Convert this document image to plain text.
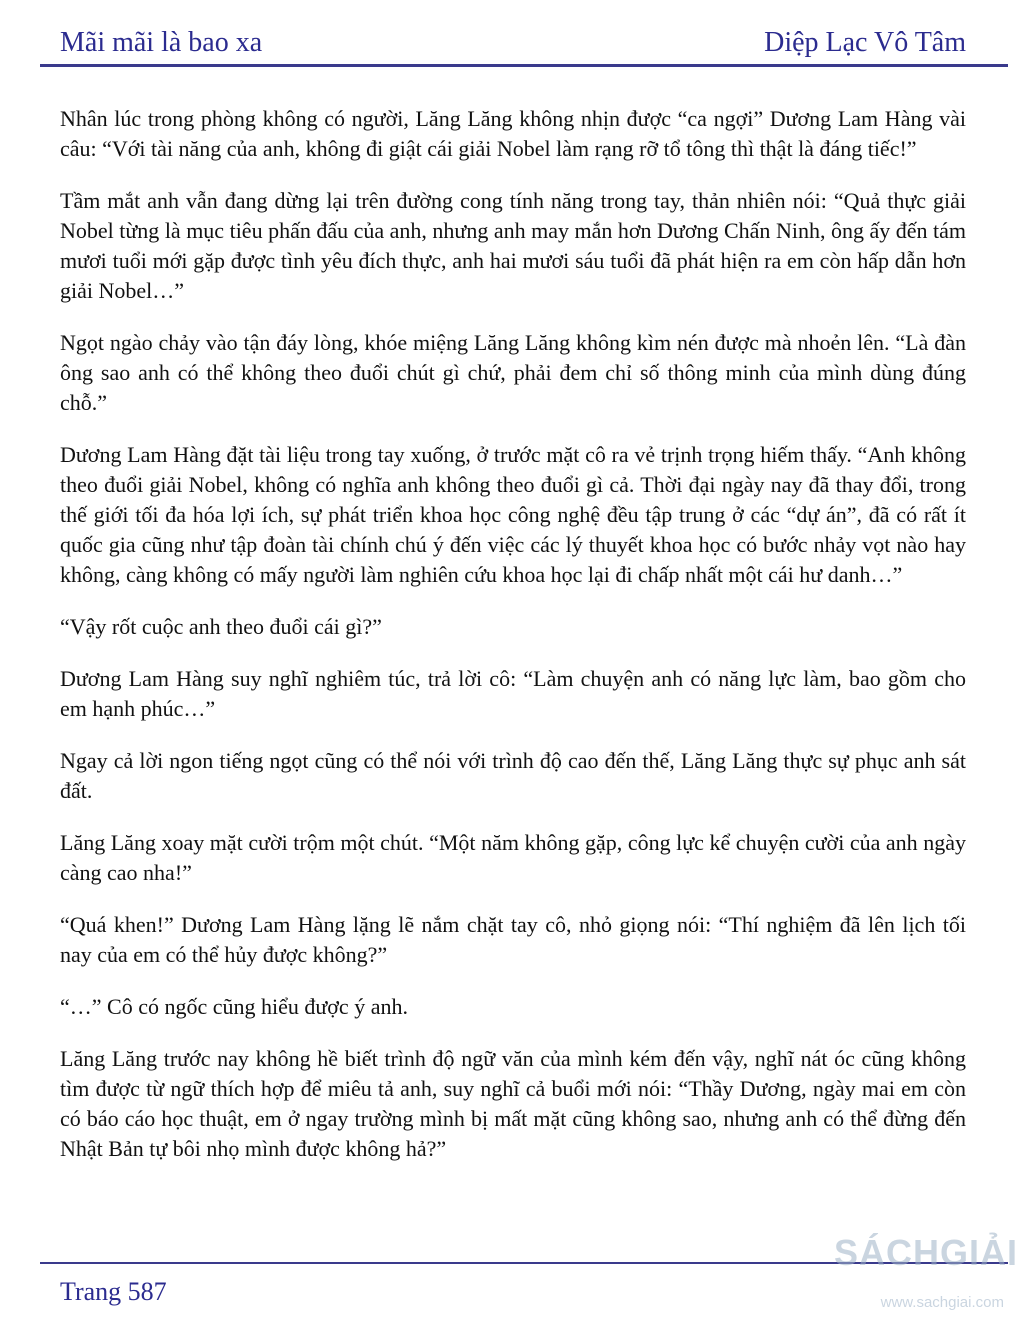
Mãi mãi là bao xa	Diệp Lạc Vô Tâm

Nhân lúc trong phòng không có người, Lăng Lăng không nhịn được “ca ngợi” Dương Lam Hàng vài câu: “Với tài năng của anh, không đi giật cái giải Nobel làm rạng rỡ tổ tông thì thật là đáng tiếc!”

Tầm mắt anh vẫn đang dừng lại trên đường cong tính năng trong tay, thản nhiên nói: “Quả thực giải Nobel từng là mục tiêu phấn đấu của anh, nhưng anh may mắn hơn Dương Chấn Ninh, ông ấy đến tám mươi tuổi mới gặp được tình yêu đích thực, anh hai mươi sáu tuổi đã phát hiện ra em còn hấp dẫn hơn giải Nobel…”

Ngọt ngào chảy vào tận đáy lòng, khóe miệng Lăng Lăng không kìm nén được mà nhoẻn lên. “Là đàn ông sao anh có thể không theo đuổi chút gì chứ, phải đem chỉ số thông minh của mình dùng đúng chỗ.”

Dương Lam Hàng đặt tài liệu trong tay xuống, ở trước mặt cô ra vẻ trịnh trọng hiếm thấy. “Anh không theo đuổi giải Nobel, không có nghĩa anh không theo đuổi gì cả. Thời đại ngày nay đã thay đổi, trong thế giới tối đa hóa lợi ích, sự phát triển khoa học công nghệ đều tập trung ở các “dự án”, đã có rất ít quốc gia cũng như tập đoàn tài chính chú ý đến việc các lý thuyết khoa học có bước nhảy vọt nào hay không, càng không có mấy người làm nghiên cứu khoa học lại đi chấp nhất một cái hư danh…”

“Vậy rốt cuộc anh theo đuổi cái gì?”

Dương Lam Hàng suy nghĩ nghiêm túc, trả lời cô: “Làm chuyện anh có năng lực làm, bao gồm cho em hạnh phúc…”

Ngay cả lời ngon tiếng ngọt cũng có thể nói với trình độ cao đến thế, Lăng Lăng thực sự phục anh sát đất.

Lăng Lăng xoay mặt cười trộm một chút. “Một năm không gặp, công lực kể chuyện cười của anh ngày càng cao nha!”

“Quá khen!” Dương Lam Hàng lặng lẽ nắm chặt tay cô, nhỏ giọng nói: “Thí nghiệm đã lên lịch tối nay của em có thể hủy được không?”

“…” Cô có ngốc cũng hiểu được ý anh.

Lăng Lăng trước nay không hề biết trình độ ngữ văn của mình kém đến vậy, nghĩ nát óc cũng không tìm được từ ngữ thích hợp để miêu tả anh, suy nghĩ cả buổi mới nói: “Thầy Dương, ngày mai em còn có báo cáo học thuật, em ở ngay trường mình bị mất mặt cũng không sao, nhưng anh có thể đừng đến Nhật Bản tự bôi nhọ mình được không hả?”

Trang 587
SÁCHGIẢI
www.sachgiai.com
